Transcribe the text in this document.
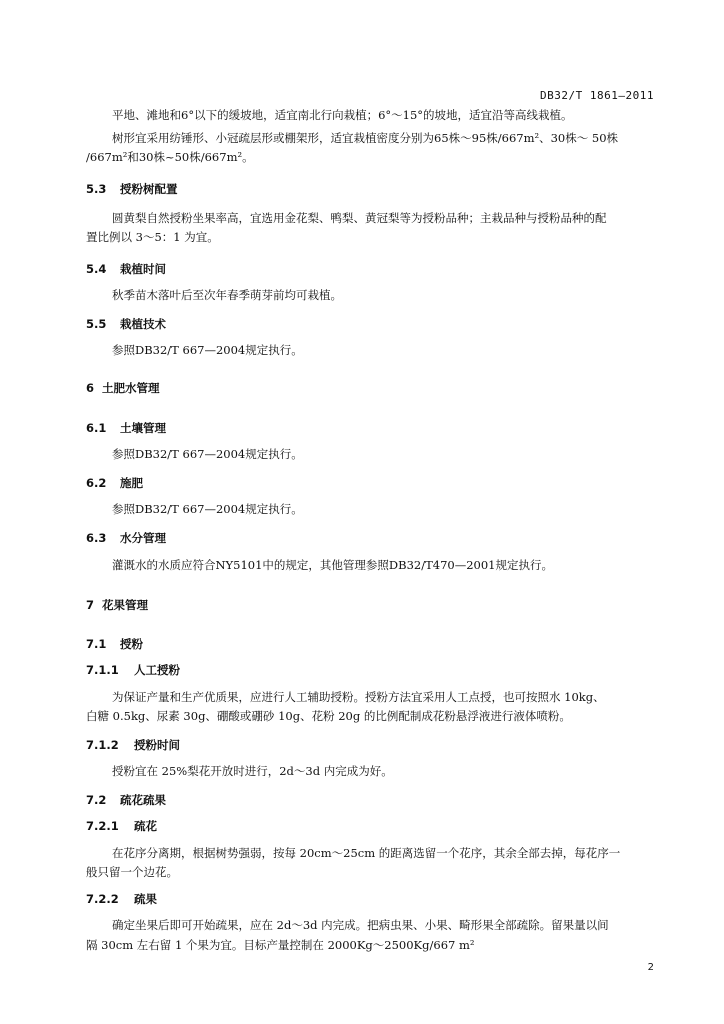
DB32/T 1861—2011
平地、滩地和6°以下的缓坡地，适宜南北行向栽植；6°～15°的坡地，适宜沿等高线栽植。
树形宜采用纺锤形、小冠疏层形或棚架形，适宜栽植密度分别为65株～95株/667m²、30株～ 50株
/667m²和30株~50株/667m²。
5.3 授粉树配置
圆黄梨自然授粉坐果率高，宜选用金花梨、鸭梨、黄冠梨等为授粉品种；主栽品种与授粉品种的配
置比例以 3～5：1 为宜。
5.4 栽植时间
秋季苗木落叶后至次年春季萌芽前均可栽植。
5.5 栽植技术
参照DB32/T 667—2004规定执行。
6 土肥水管理
6.1 土壤管理
参照DB32/T 667—2004规定执行。
6.2 施肥
参照DB32/T 667—2004规定执行。
6.3 水分管理
灌溉水的水质应符合NY5101中的规定，其他管理参照DB32/T470—2001规定执行。
7 花果管理
7.1 授粉
7.1.1 人工授粉
为保证产量和生产优质果，应进行人工辅助授粉。授粉方法宜采用人工点授，也可按照水 10kg、
白糖 0.5kg、尿素 30g、硼酸或硼砂 10g、花粉 20g 的比例配制成花粉悬浮液进行液体喷粉。
7.1.2 授粉时间
授粉宜在 25%梨花开放时进行，2d～3d 内完成为好。
7.2 疏花疏果
7.2.1 疏花
在花序分离期，根据树势强弱，按每 20cm～25cm 的距离选留一个花序，其余全部去掉，每花序一
般只留一个边花。
7.2.2 疏果
确定坐果后即可开始疏果，应在 2d～3d 内完成。把病虫果、小果、畸形果全部疏除。留果量以间
隔 30cm 左右留 1 个果为宜。目标产量控制在 2000Kg～2500Kg/667 m²
2
